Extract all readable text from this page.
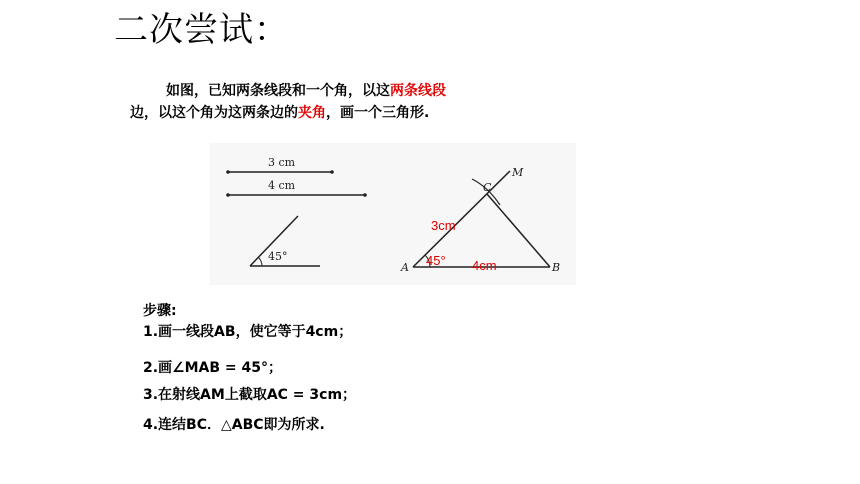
二次尝试：
如图，已知两条线段和一个角，以这两条线段
边，以这个角为这两条边的夹角，画一个三角形.
3 cm
4 cm
45°
A	B
C
M
3cm
45° 4cm
步骤:
1.画一线段AB，使它等于4cm；
2.画∠MAB = 45°；
3.在射线AM上截取AC = 3cm；
4.连结BC．△ABC即为所求.
